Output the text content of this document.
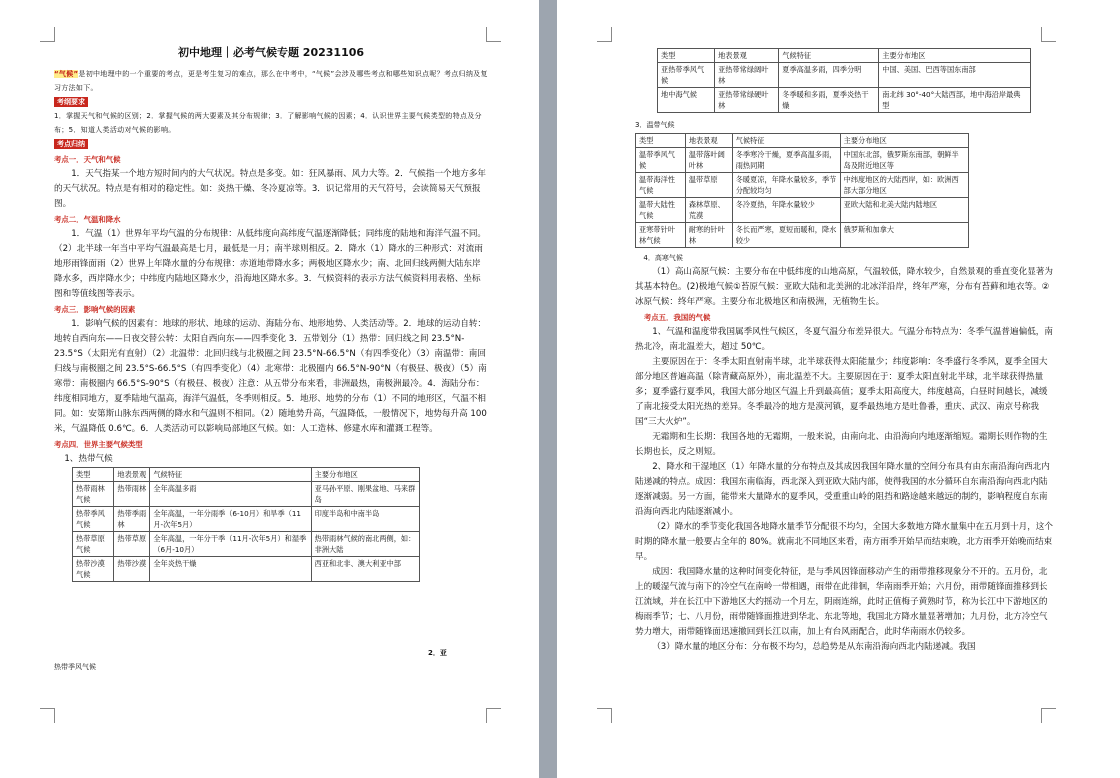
初中地理｜必考气候专题 20231106
“气候”是初中地理中的一个重要的考点，更是考生复习的难点，那么在中考中，“气候”会涉及哪些考点和哪些知识点呢？考点归纳及复习方法如下。
考纲要求
1．掌握天气和气候的区别；2．掌握气候的两大要素及其分布规律；3．了解影响气候的因素；4．认识世界主要气候类型的特点及分布；5．知道人类活动对气候的影响。
考点归纳
考点一．天气和气候

1．天气指某一个地方短时间内的大气状况。特点是多变。如：狂风暴雨、风力大等。2．气候指一个地方多年的天气状况。特点是有相对的稳定性。如：炎热干燥、冬冷夏凉等。3．识记常用的天气符号，会读简易天气预报图。

考点二．气温和降水

1．气温（1）世界年平均气温的分布规律：从低纬度向高纬度气温逐渐降低；同纬度的陆地和海洋气温不同。（2）北半球一年当中平均气温最高是七月，最低是一月；南半球则相反。2．降水（1）降水的三种形式：对流雨地形雨锋面雨（2）世界上年降水量的分布规律：赤道地带降水多；两极地区降水少；南、北回归线两侧大陆东岸降水多，西岸降水少；中纬度内陆地区降水少，沿海地区降水多。3．气候资料的表示方法气候资料用表格、坐标图和等值线图等表示。

考点三．影响气候的因素

1．影响气候的因素有：地球的形状、地球的运动、海陆分布、地形地势、人类活动等。2．地球的运动自转：地转自西向东——日夜交替公转：太阳自西向东——四季变化 3．五带划分（1）热带：回归线之间 23.5°N-23.5°S（太阳光有直射）（2）北温带：北回归线与北极圈之间 23.5°N-66.5°N（有四季变化）（3）南温带：南回归线与南极圈之间 23.5°S-66.5°S（有四季变化）（4）北寒带：北极圈内 66.5°N-90°N（有极昼、极夜）（5）南寒带：南极圈内 66.5°S-90°S（有极昼、极夜）注意：从五带分布来看，非洲最热，南极洲最冷。4．海陆分布：纬度相同地方，夏季陆地气温高，海洋气温低，冬季则相反。5．地形、地势的分布（1）不同的地形区，气温不相同。如：安第斯山脉东西两侧的降水和气温则不相同。（2）随地势升高，气温降低，一般情况下，地势每升高 100 米，气温降低 0.6℃。6．人类活动可以影响局部地区气候。如：人工造林、修建水库和灌溉工程等。

考点四．世界主要气候类型
1、热带气候
类型	地表景观	气候特征	主要分布地区
热带雨林气候	热带雨林	全年高温多雨	亚马孙平原、刚果盆地、马来群岛
热带季风气候	热带季雨林	全年高温，一年分雨季（6-10月）和旱季（11月-次年5月）	印度半岛和中南半岛
热带草原气候	热带草原	全年高温，一年分干季（11月-次年5月）和湿季（6月-10月）	热带雨林气候的南北两侧，如：非洲大陆
热带沙漠气候	热带沙漠	全年炎热干燥	西亚和北非、澳大利亚中部
2．亚
热带季风气候
类型	地表景观	气候特征	主要分布地区
亚热带季风气候	亚热带常绿阔叶林	夏季高温多雨，四季分明	中国、美国、巴西等国东南部
地中海气候	亚热带常绿硬叶林	冬季暖和多雨，夏季炎热干燥	南北纬 30°-40°大陆西部，地中海沿岸最典型
3．温带气候
类型	地表景观	气候特征	主要分布地区
温带季风气候	温带落叶阔叶林	冬季寒冷干燥，夏季高温多雨，雨热同期	中国东北部，俄罗斯东南部，朝鲜半岛及附近地区等
温带海洋性气候	温带草原	冬暖夏凉，年降水量较多，季节分配较均匀	中纬度地区的大陆西岸，如：欧洲西部大部分地区
温带大陆性气候	森林草原、荒漠	冬冷夏热，年降水量较少	亚欧大陆和北美大陆内陆地区
亚寒带针叶林气候	耐寒的针叶林	冬长而严寒，夏短而暖和，降水较少	俄罗斯和加拿大
4．高寒气候

（1）高山高原气候：主要分布在中低纬度的山地高原，气温较低，降水较少，自然景观的垂直变化显著为其基本特色。(2)极地气候①苔原气候：亚欧大陆和北美洲的北冰洋沿岸，终年严寒，分布有苔藓和地衣等。②冰原气候：终年严寒。主要分布北极地区和南极洲，无植物生长。

考点五．我国的气候

1、气温和温度带我国属季风性气候区，冬夏气温分布差异很大。气温分布特点为：冬季气温普遍偏低，南热北冷，南北温差大，超过 50℃。

主要原因在于：冬季太阳直射南半球，北半球获得太阳能量少；纬度影响：冬季盛行冬季风，夏季全国大部分地区普遍高温（除青藏高原外），南北温差不大。主要原因在于：夏季太阳直射北半球，北半球获得热量多；夏季盛行夏季风，我国大部分地区气温上升到最高值；夏季太阳高度大，纬度越高，白昼时间越长，减缓了南北接受太阳光热的差异。冬季最冷的地方是漠河镇，夏季最热地方是吐鲁番，重庆、武汉、南京号称我国“三大火炉”。

无霜期和生长期：我国各地的无霜期，一般来说，由南向北、由沿海向内地逐渐缩短。霜期长则作物的生长期也长，反之则短。

2、降水和干湿地区（1）年降水量的分布特点及其成因我国年降水量的空间分布具有由东南沿海向西北内陆递减的特点。成因：我国东南临海，西北深入到亚欧大陆内部，使得我国的水分循环自东南沿海向西北内陆逐渐减弱。另一方面，能带来大量降水的夏季风，受重重山岭的阻挡和路途越来越远的制约，影响程度自东南沿海向西北内陆逐渐减小。

（2）降水的季节变化我国各地降水量季节分配很不均匀，全国大多数地方降水量集中在五月到十月，这个时期的降水量一般要占全年的 80%。就南北不同地区来看，南方雨季开始早而结束晚，北方雨季开始晚而结束早。

成因：我国降水量的这种时间变化特征，是与季风因锋面移动产生的雨带推移现象分不开的。五月份，北上的暖湿气流与南下的冷空气在南岭一带相遇，雨带在此徘徊，华南雨季开始；六月份，雨带随锋面推移到长江流域，并在长江中下游地区大约摇动一个月左，阴雨连绵，此时正值梅子黄熟时节，称为长江中下游地区的梅雨季节；七、八月份，雨带随锋面推进到华北、东北等地，我国北方降水量显著增加；九月份，北方冷空气势力增大，雨带随锋面迅速撤回到长江以南，加上有台风雨配合，此时华南雨水仍较多。

（3）降水量的地区分布：分布极不均匀，总趋势是从东南沿海向西北内陆递减。我国
